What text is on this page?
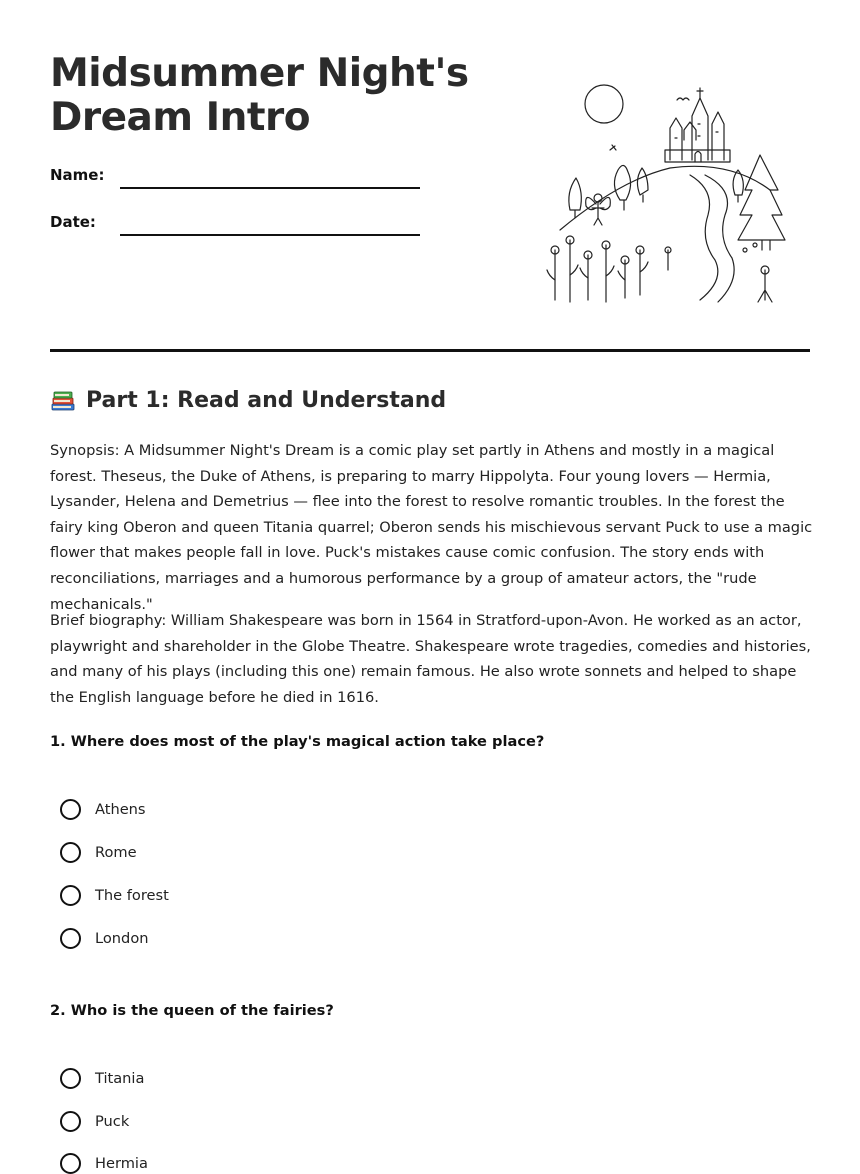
Midsummer Night's Dream Intro
Name:
Date:
Part 1: Read and Understand

Synopsis: A Midsummer Night's Dream is a comic play set partly in Athens and mostly in a magical forest. Theseus, the Duke of Athens, is preparing to marry Hippolyta. Four young lovers — Hermia, Lysander, Helena and Demetrius — flee into the forest to resolve romantic troubles. In the forest the fairy king Oberon and queen Titania quarrel; Oberon sends his mischievous servant Puck to use a magic flower that makes people fall in love. Puck's mistakes cause comic confusion. The story ends with reconciliations, marriages and a humorous performance by a group of amateur actors, the "rude mechanicals."

Brief biography: William Shakespeare was born in 1564 in Stratford-upon-Avon. He worked as an actor, playwright and shareholder in the Globe Theatre. Shakespeare wrote tragedies, comedies and histories, and many of his plays (including this one) remain famous. He also wrote sonnets and helped to shape the English language before he died in 1616.

1. Where does most of the play's magical action take place?
Athens
Rome
The forest
London
2. Who is the queen of the fairies?
Titania
Puck
Hermia
